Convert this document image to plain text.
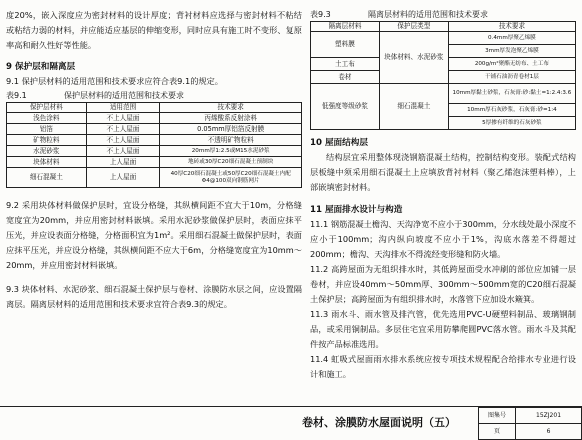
度20%，嵌入深度应为密封材料的设计厚度；背衬材料应选择与密封材料不粘结或粘结力弱的材料，并应能适应基层的伸缩变形，同时应具有施工时不变形、复原率高和耐久性好等性能。

9 保护层和隔离层

9.1 保护层材料的适用范围和技术要求应符合表9.1的规定。

表9.1	保护层材料的适用范围和技术要求
保护层材料	适用范围	技术要求
浅色涂料	不上人屋面	丙烯酸系反射涂料
铝箔	不上人屋面	0.05mm厚铝箔反射膜
矿物粒料	不上人屋面	不透明矿物粒料
水泥砂浆	不上人屋面	20mm厚1:2.5或M15水泥砂浆
块体材料	上人屋面	地砖或30厚C20细石混凝土预制块
细石混凝土	上人屋面	40厚C20细石混凝土或50厚C20细石混凝土内配
Φ4@100双向钢筋网片

9.2 采用块体材料做保护层时，宜设分格缝，其纵横间距不宜大于10m，分格缝宽度宜为20mm，并应用密封材料嵌填。采用水泥砂浆做保护层时，表面应抹平压光，并应设表面分格缝，分格面积宜为1m²。采用细石混凝土做保护层时，表面应抹平压光，并应设分格缝，其纵横间距不应大于6m，分格缝宽度宜为10mm～20mm，并应用密封材料嵌填。

9.3 块体材料、水泥砂浆、细石混凝土保护层与卷材、涂膜防水层之间，应设置隔离层。隔离层材料的适用范围和技术要求宜符合表9.3的规定。

表9.3	隔离层材料的适用范围和技术要求
隔离层材料	保护层类型	技术要求
塑料膜	块体材料、水泥砂浆	0.4mm厚聚乙烯膜
		3mm厚发泡聚乙烯膜
土工布		200g/m²聚酯无纺布、土工布
卷材		干铺石油沥青卷材1层
低强度等级砂浆	细石混凝土	10mm厚黏土砂浆，石灰膏:砂:黏土=1:2.4:3.6
		10mm厚石灰砂浆，石灰膏:砂=1:4
		5厚掺有纤维的石灰砂浆
10 屋面结构层

结构层宜采用整体现浇钢筋混凝土结构，控制结构变形。装配式结构层板缝中须采用细石混凝土上应填放背衬材料（聚乙烯泡沫塑料棒），上部嵌填密封材料。

11 屋面排水设计与构造

11.1 钢筋混凝土檐沟、天沟净宽不应小于300mm，分水线处最小深度不应小于100mm；沟内纵向坡度不应小于1%，沟底水落差不得超过200mm；檐沟、天沟排水不得流经变形缝和防火墙。

11.2 高跨屋面为无组织排水时，其低跨屋面受水冲刷的部位应加铺一层卷材，并应设40mm～50mm厚、300mm～500mm宽的C20细石混凝土保护层；高跨屋面为有组织排水时，水落管下应加设水簸箕。

11.3 雨水斗、雨水管及排汽管，优先选用PVC-U硬塑料制品、玻璃钢制品，或采用铜制品。多层住宅宜采用防攀爬圆PVC落水管。雨水斗及其配件按产品标准选用。

11.4 虹吸式屋面雨水排水系统应按专项技术规程配合给排水专业进行设计和施工。

卷材、涂膜防水屋面说明（五）
图集号	15ZJ201
页	6
